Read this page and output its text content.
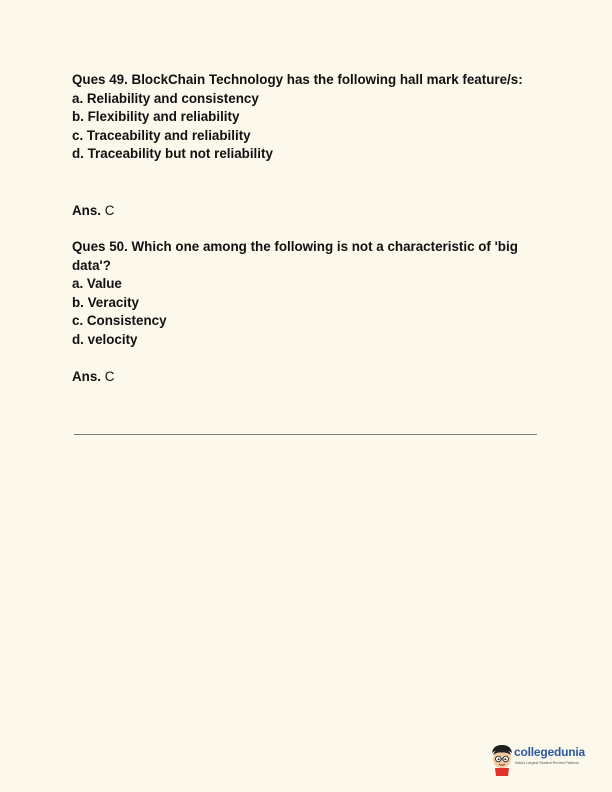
Ques 49. BlockChain Technology has the following hall mark feature/s:

a. Reliability and consistency
b. Flexibility and reliability
c. Traceability and reliability
d. Traceability but not reliability
Ans. C

Ques 50. Which one among the following is not a characteristic of 'big data'?

a. Value
b. Veracity
c. Consistency
d. velocity
Ans. C
collegedunia
India's Largest Student Review Platform
